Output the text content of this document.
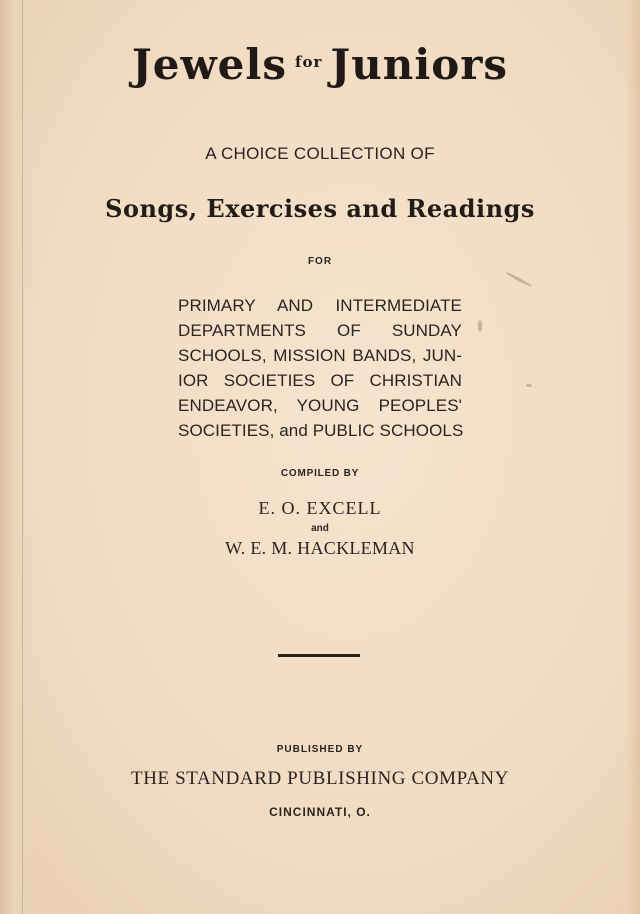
Jewels $^{for}$ Juniors
A CHOICE COLLECTION OF
Songs, Exercises and Readings
FOR
PRIMARY AND INTERMEDIATE
DEPARTMENTS OF SUNDAY
SCHOOLS, MISSION BANDS, JUN-
IOR SOCIETIES OF CHRISTIAN
ENDEAVOR, YOUNG PEOPLES'
SOCIETIES, and PUBLIC SCHOOLS
COMPILED BY
E. O. EXCELL
and
W. E. M. HACKLEMAN
PUBLISHED BY
THE STANDARD PUBLISHING COMPANY
CINCINNATI, O.
